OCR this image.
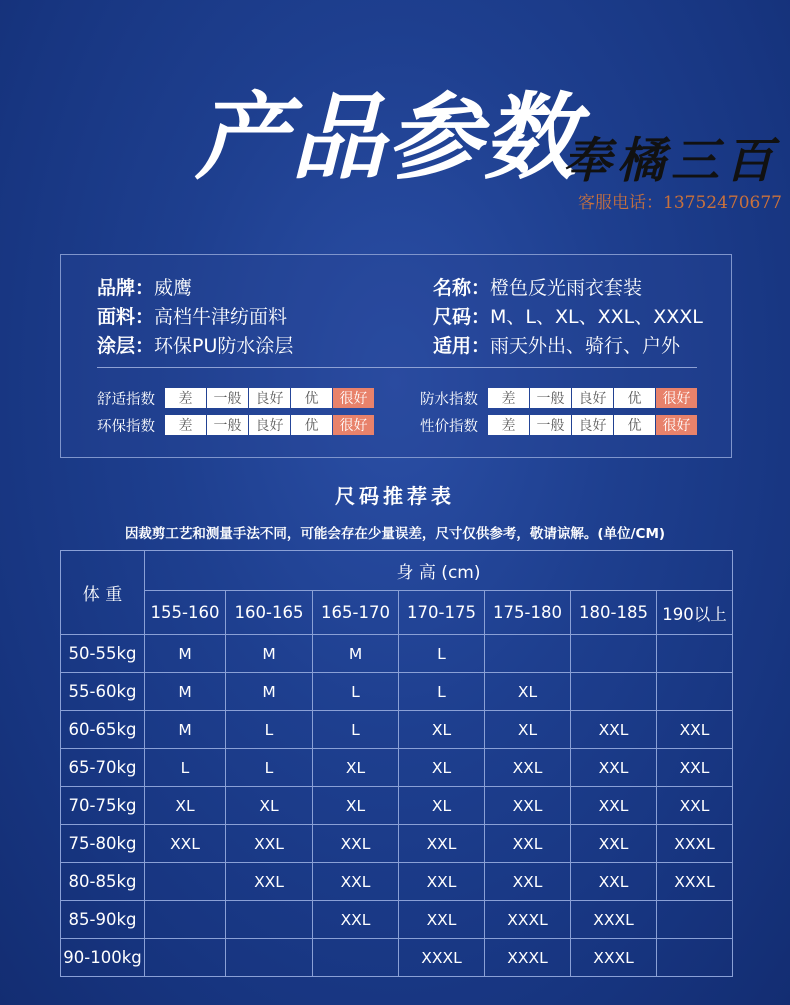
产品参数
奉橘三百
客服电话：13752470677
品牌：威鹰	名称：橙色反光雨衣套装
面料：高档牛津纺面料	尺码：M、L、XL、XXL、XXXL
涂层：环保PU防水涂层	适用：雨天外出、骑行、户外
舒适指数	差	一般	良好	优	很好	防水指数	差	一般	良好	优	很好
环保指数	差	一般	良好	优	很好	性价指数	差	一般	良好	优	很好
尺码推荐表
因裁剪工艺和测量手法不同，可能会存在少量误差，尺寸仅供参考，敬请谅解。(单位/CM)
体 重	身 高 (cm)						
	155-160	160-165	165-170	170-175	175-180	180-185	190以上
50-55kg	M	M	M	L			
55-60kg	M	M	L	L	XL		
60-65kg	M	L	L	XL	XL	XXL	XXL
65-70kg	L	L	XL	XL	XXL	XXL	XXL
70-75kg	XL	XL	XL	XL	XXL	XXL	XXL
75-80kg	XXL	XXL	XXL	XXL	XXL	XXL	XXXL
80-85kg		XXL	XXL	XXL	XXL	XXL	XXXL
85-90kg			XXL	XXL	XXXL	XXXL	
90-100kg				XXXL	XXXL	XXXL	
